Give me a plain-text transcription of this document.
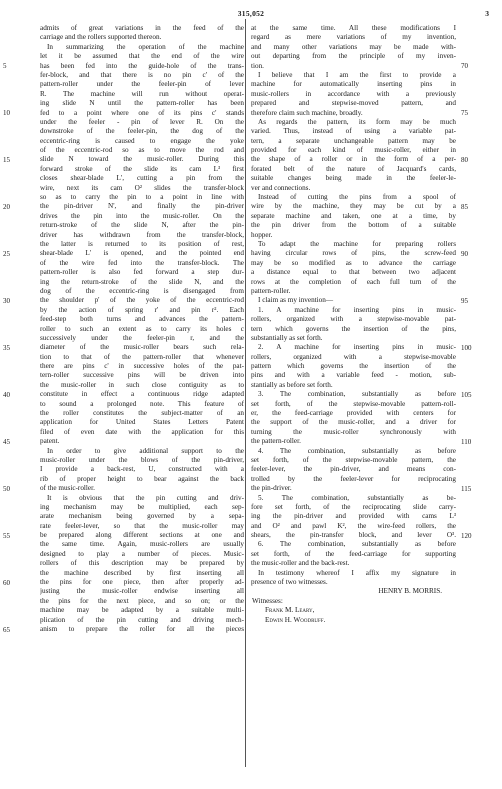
315,052	3
admits of great variations in the feed of the
carriage and the rollers supported thereon.
In summarizing the operation of the machine
let it be assumed that the end of the wire
has been fed into the guide-hole of the trans-
fer-block, and that there is no pin c' of the
pattern-roller under the feeler-pin of lever
R. The machine will run without operat-
ing slide N until the pattern-roller has been
fed to a point where one of its pins c' stands
under the feeler - pin of lever R. On the
downstroke of the feeler-pin, the dog of the
eccentric-ring is caused to engage the yoke
of the eccentric-rod so as to move the rod and
slide N toward the music-roller. During this
forward stroke of the slide its cam L³ first
closes shear-blade L', cutting a pin from the
wire, next its cam O² slides the transfer-block
so as to carry the pin to a point in line with
the pin-driver N', and finally the pin-driver
drives the pin into the music-roller. On the
return-stroke of the slide N, after the pin-
driver has withdrawn from the transfer-block,
the latter is returned to its position of rest,
shear-blade L' is opened, and the pointed end
of the wire fed into the transfer-block. The
pattern-roller is also fed forward a step dur-
ing the return-stroke of the slide N, and the
dog of the eccentric-ring is disengaged from
the shoulder p' of the yoke of the eccentric-rod
by the action of spring r' and pin r². Each
feed-step both turns and advances the pattern-
roller to such an extent as to carry its holes c
successively under the feeler-pin r, and the
diameter of the music-roller bears such rela-
tion to that of the pattern-roller that whenever
there are pins c' in successive holes of the pat-
tern-roller successive pins will be driven into
the music-roller in such close contiguity as to
constitute in effect a continuous ridge adapted
to sound a prolonged note. This feature of
the roller constitutes the subject-matter of an
application for United States Letters Patent
filed of even date with the application for this
patent.
In order to give additional support to the
music-roller under the blows of the pin-driver,
I provide a back-rest, U, constructed with a
rib of proper height to bear against the back
of the music-roller.
It is obvious that the pin cutting and driv-
ing mechanism may be multiplied, each sep-
arate mechanism being governed by a sepa-
rate feeler-lever, so that the music-roller may
be prepared along different sections at one and
the same time. Again, music-rollers are usually
designed to play a number of pieces. Music-
rollers of this description may be prepared by
the machine described by first inserting all
the pins for one piece, then after properly ad-
justing the music-roller endwise inserting all
the pins for the next piece, and so on; or the
machine may be adapted by a suitable multi-
plication of the pin cutting and driving mech-
anism to prepare the roller for all the pieces
at the same time. All these modifications I
regard as mere variations of my invention,
and many other variations may be made with-
out departing from the principle of my inven-
tion.
I believe that I am the first to provide a
machine for automatically inserting pins in
music-rollers in accordance with a previously
prepared and stepwise-moved pattern, and
therefore claim such machine, broadly.
As regards the pattern, its form may be much
varied. Thus, instead of using a variable pat-
tern, a separate unchangeable pattern may be
provided for each kind of music-roller, either in
the shape of a roller or in the form of a per-
forated belt of the nature of Jacquard's cards,
suitable changes being made in the feeler-le-
ver and connections.
Instead of cutting the pins from a spool of
wire by the machine, they may be cut by a
separate machine and taken, one at a time, by
the pin driver from the bottom of a suitable
hopper.
To adapt the machine for preparing rollers
having circular rows of pins, the screw-feed
may be so modified as to advance the carriage
a distance equal to that between two adjacent
rows at the completion of each full turn of the
pattern-roller.
I claim as my invention—
1. A machine for inserting pins in music-
rollers, organized with a stepwise-movable pat-
tern which governs the insertion of the pins,
substantially as set forth.
2. A machine for inserting pins in music-
rollers, organized with a stepwise-movable
pattern which governs the insertion of the
pins and with a variable feed - motion, sub-
stantially as before set forth.
3. The combination, substantially as before
set forth, of the stepwise-movable pattern-roll-
er, the feed-carriage provided with centers for
the support of the music-roller, and a driver for
turning the music-roller synchronously with
the pattern-roller.
4. The combination, substantially as before
set forth, of the stepwise-movable pattern, the
feeler-lever, the pin-driver, and means con-
trolled by the feeler-lever for reciprocating
the pin-driver.
5. The combination, substantially as be-
fore set forth, of the reciprocating slide carry-
ing the pin-driver and provided with cams L³
and O² and pawl K², the wire-feed rollers, the
shears, the pin-transfer block, and lever O³.
6. The combination, substantially as before
set forth, of the feed-carriage for supporting
the music-roller and the back-rest.
In testimony whereof I affix my signature in
presence of two witnesses.
HENRY B. MORRIS.
Witnesses:
Frank M. Leary,
Edwin H. Woodruff.
5
10
15
20
25
30
35
40
45
50
55
60
65
70
75
80
85
90
95
100
105
110
115
120
